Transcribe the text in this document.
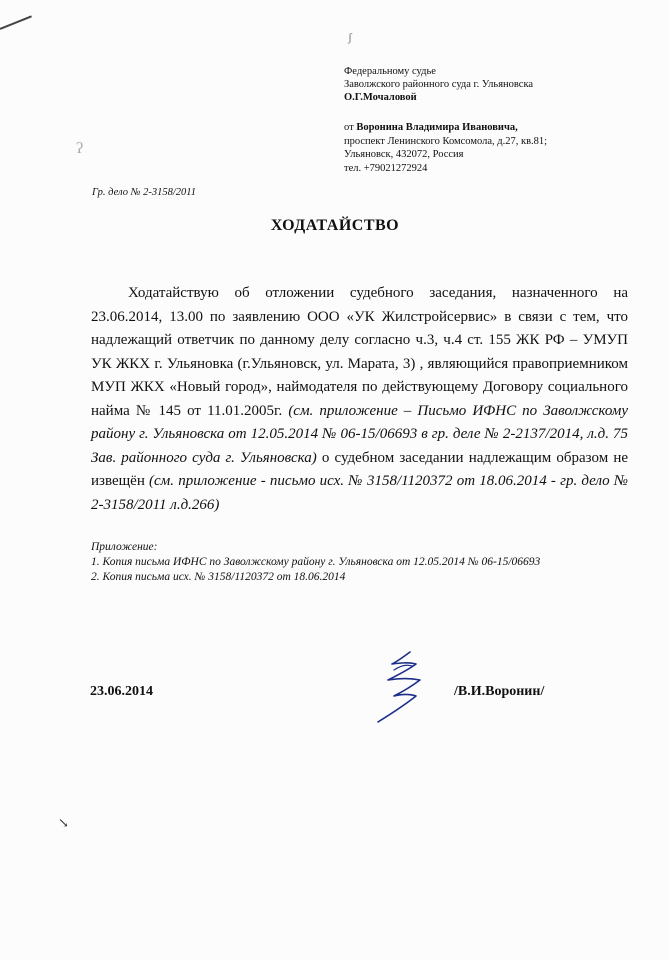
ʃ
ʔ
↘
Федеральному судье
Заволжского районного суда г. Ульяновска
О.Г.Мочаловой
от Воронина Владимира Ивановича,
проспект Ленинского Комсомола, д.27, кв.81;
Ульяновск, 432072, Россия
тел. +79021272924
Гр. дело № 2-3158/2011
ХОДАТАЙСТВО

Ходатайствую об отложении судебного заседания, назначенного на 23.06.2014, 13.00 по заявлению ООО «УК Жилстройсервис» в связи с тем, что надлежащий ответчик по данному делу согласно ч.3, ч.4 ст. 155 ЖК РФ – УМУП УК ЖКХ г. Ульяновка (г.Ульяновск, ул. Марата, 3) , являющийся правоприемником МУП ЖКХ «Новый город», наймодателя по действующему Договору социального найма № 145 от 11.01.2005г. (см. приложение – Письмо ИФНС по Заволжскому району г. Ульяновска от 12.05.2014 № 06-15/06693 в гр. деле № 2-2137/2014, л.д. 75 Зав. районного суда г. Ульяновска) о судебном заседании надлежащим образом не извещён (см. приложение - письмо исх. № 3158/1120372 от 18.06.2014 - гр. дело № 2-3158/2011 л.д.266)

Приложение:
1. Копия письма ИФНС по Заволжскому району г. Ульяновска от 12.05.2014 № 06-15/06693
2. Копия письма исх. № 3158/1120372 от 18.06.2014
23.06.2014	/В.И.Воронин/
